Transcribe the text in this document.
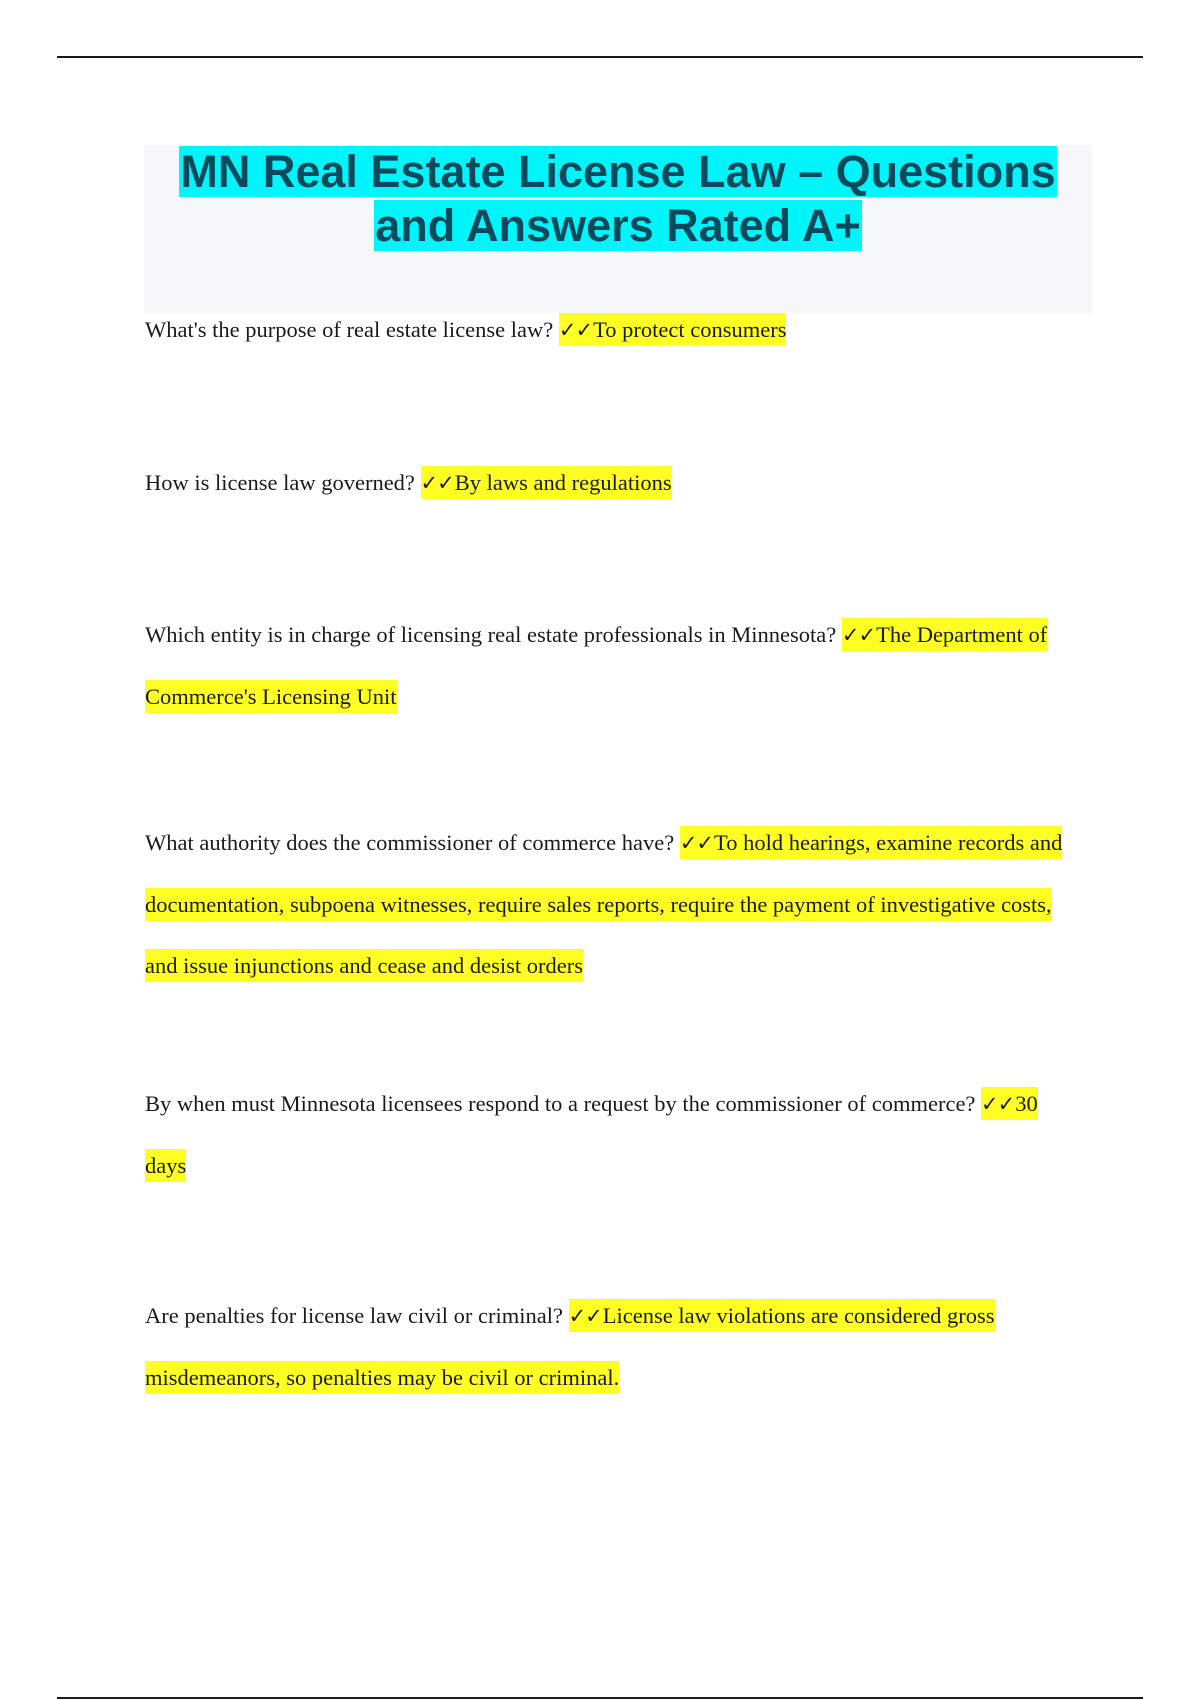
MN Real Estate License Law – Questions and Answers Rated A+

What's the purpose of real estate license law? ✓✓To protect consumers

How is license law governed? ✓✓By laws and regulations

Which entity is in charge of licensing real estate professionals in Minnesota? ✓✓The Department of Commerce's Licensing Unit

What authority does the commissioner of commerce have? ✓✓To hold hearings, examine records and documentation, subpoena witnesses, require sales reports, require the payment of investigative costs, and issue injunctions and cease and desist orders

By when must Minnesota licensees respond to a request by the commissioner of commerce? ✓✓30 days

Are penalties for license law civil or criminal? ✓✓License law violations are considered gross misdemeanors, so penalties may be civil or criminal.
